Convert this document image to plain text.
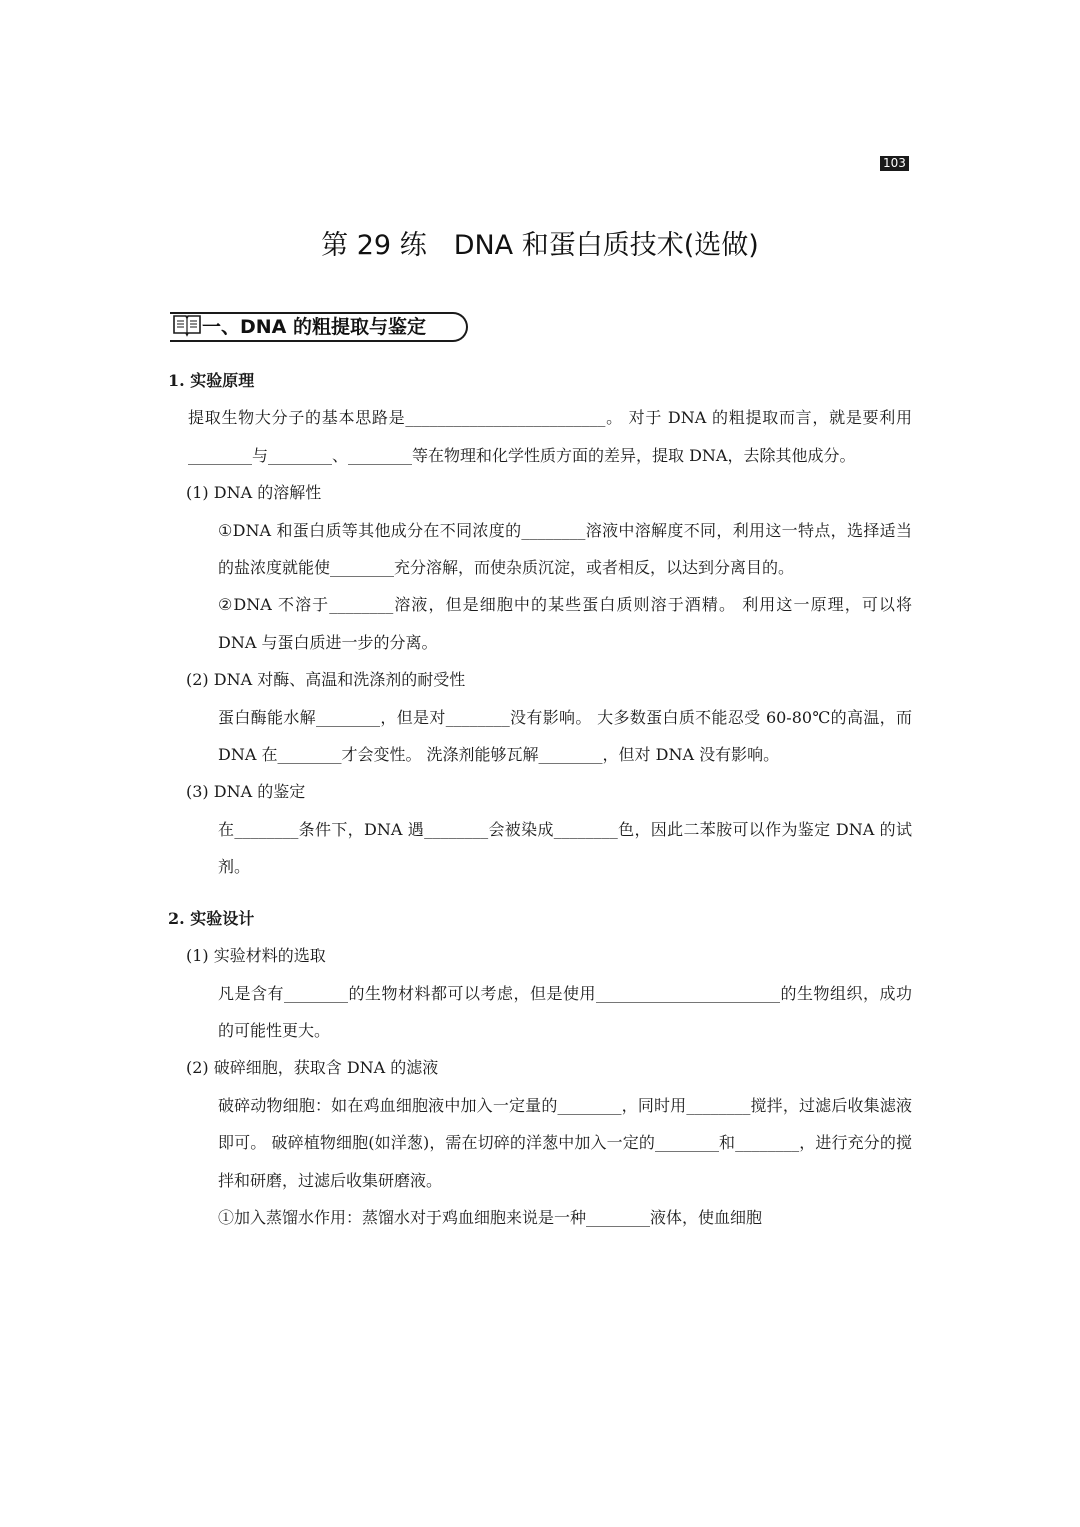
103
第 29 练　DNA 和蛋白质技术(选做)
一、DNA 的粗提取与鉴定
1. 实验原理
提取生物大分子的基本思路是_________________________。 对于 DNA 的粗提取而言，就是要利用________与________、________等在物理和化学性质方面的差异，提取 DNA，去除其他成分。
(1) DNA 的溶解性
①DNA 和蛋白质等其他成分在不同浓度的________溶液中溶解度不同，利用这一特点，选择适当的盐浓度就能使________充分溶解，而使杂质沉淀，或者相反，以达到分离目的。
②DNA 不溶于________溶液，但是细胞中的某些蛋白质则溶于酒精。 利用这一原理，可以将 DNA 与蛋白质进一步的分离。
(2) DNA 对酶、高温和洗涤剂的耐受性
蛋白酶能水解________，但是对________没有影响。 大多数蛋白质不能忍受 60-80℃的高温，而 DNA 在________才会变性。 洗涤剂能够瓦解________，但对 DNA 没有影响。
(3) DNA 的鉴定
在________条件下，DNA 遇________会被染成________色，因此二苯胺可以作为鉴定 DNA 的试剂。
2. 实验设计
(1) 实验材料的选取
凡是含有________的生物材料都可以考虑，但是使用_______________________的生物组织，成功的可能性更大。
(2) 破碎细胞，获取含 DNA 的滤液
破碎动物细胞：如在鸡血细胞液中加入一定量的________，同时用________搅拌，过滤后收集滤液即可。 破碎植物细胞(如洋葱)，需在切碎的洋葱中加入一定的________和________，进行充分的搅拌和研磨，过滤后收集研磨液。
①加入蒸馏水作用：蒸馏水对于鸡血细胞来说是一种________液体，使血细胞
